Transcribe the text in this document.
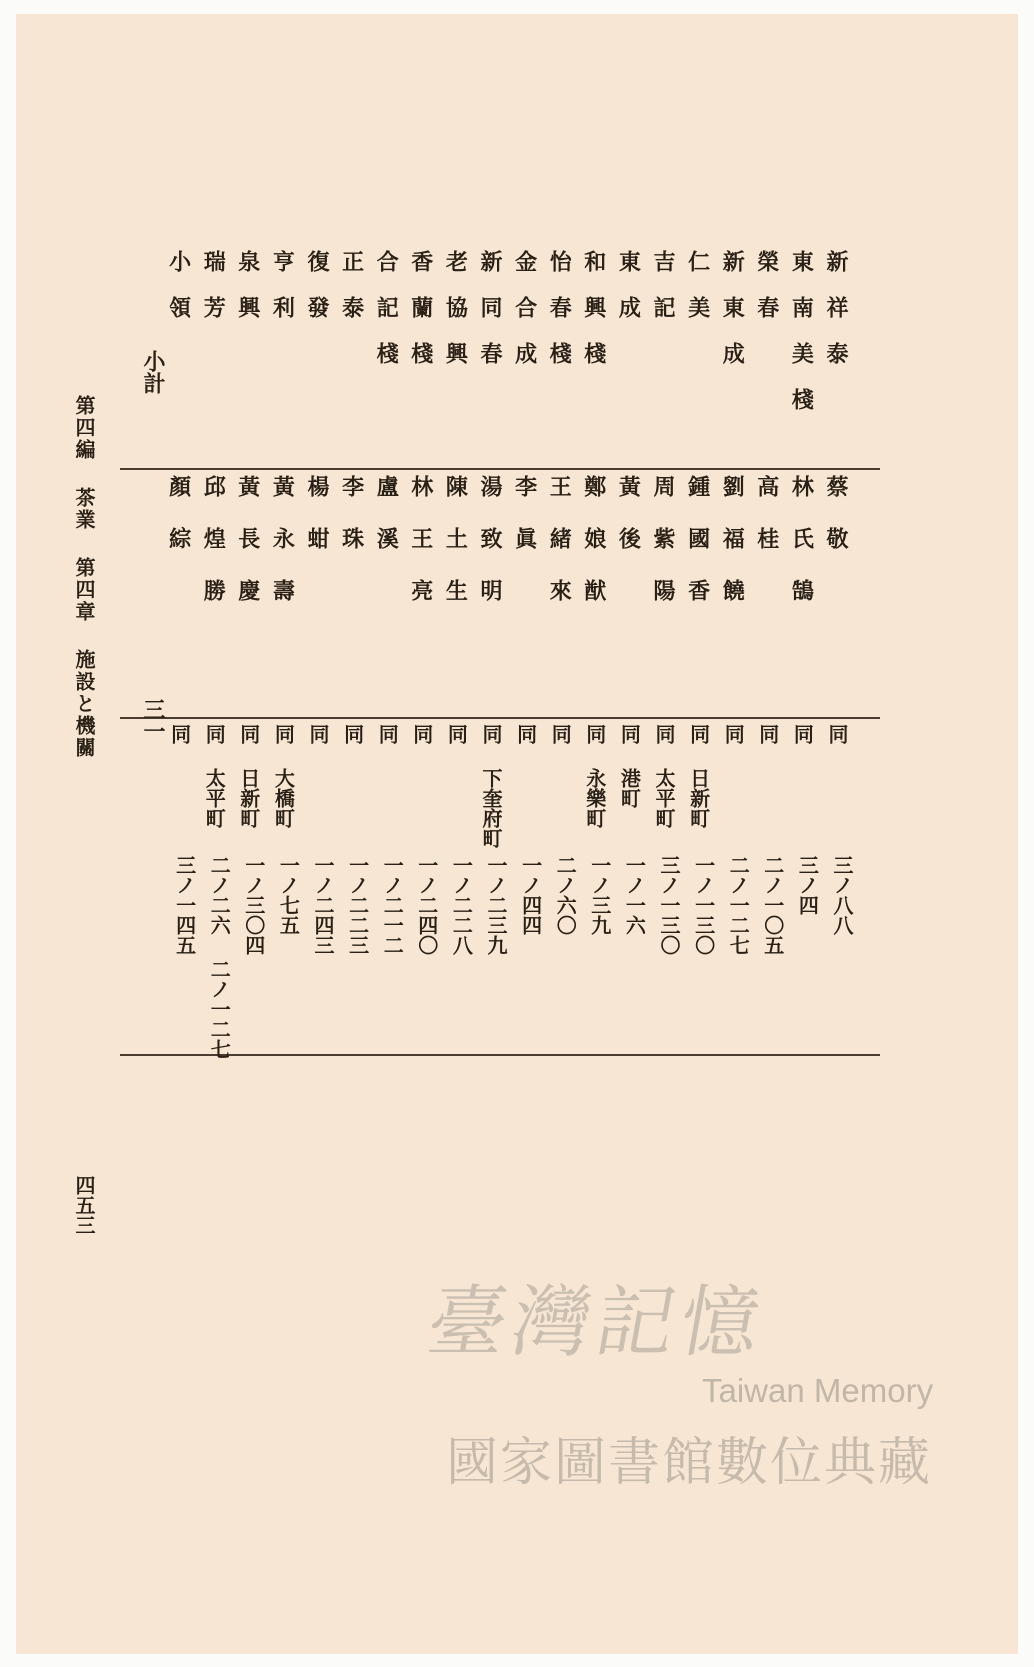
第四編 茶業 第四章 施設と機關
四五三
小計
三一
新祥泰
蔡敬
同
三ノ八八
東南美棧
林氏鵠
同
三ノ四
榮春
高桂
同
二ノ一〇五
新東成
劉福饒
同
二ノ一二七
仁美
鍾國香
同 日新町
一ノ一三〇
吉記
周紫陽
同 太平町
三ノ一三〇
東成
黃後
同 港町
一ノ一六
和興棧
鄭娘猷
同 永樂町
一ノ三九
怡春棧
王緒來
同
二ノ六〇
金合成
李眞
同
一ノ四四
新同春
湯致明
同 下奎府町
一ノ二三九
老協興
陳土生
同
一ノ二二八
香蘭棧
林王亮
同
一ノ二四〇
合記棧
盧溪
同
一ノ二一二
正泰
李珠
同
一ノ二二三
復發
楊蚶
同
一ノ二四三
亨利
黃永壽
同 大橋町
一ノ七五
泉興
黃長慶
同 日新町
一ノ三〇四
瑞芳
邱煌勝
同 太平町
二ノ二六 二ノ一二七
小領
顏綜
同
三ノ一四五
臺灣記憶
Taiwan Memory
國家圖書館數位典藏
